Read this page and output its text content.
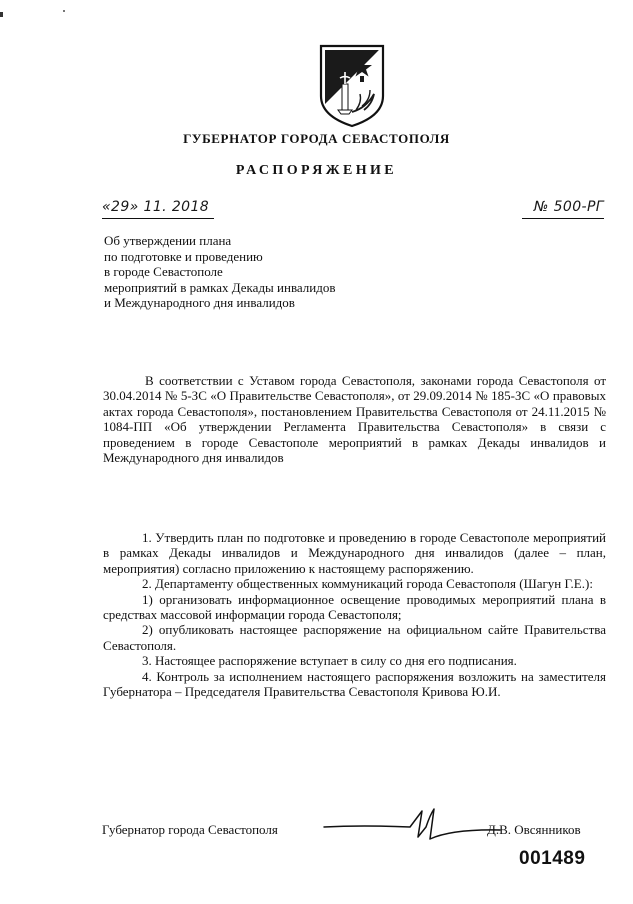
ГУБЕРНАТОР ГОРОДА СЕВАСТОПОЛЯ
РАСПОРЯЖЕНИЕ
«29» 11. 2018	№ 500-РГ
Об утверждении плана
по подготовке и проведению
в городе Севастополе
мероприятий в рамках Декады инвалидов
и Международного дня инвалидов
В соответствии с Уставом города Севастополя, законами города Севастополя от 30.04.2014 № 5-ЗС «О Правительстве Севастополя», от 29.09.2014 № 185-ЗС «О правовых актах города Севастополя», постановлением Правительства Севастополя от 24.11.2015 № 1084-ПП «Об утверждении Регламента Правительства Севастополя» в связи с проведением в городе Севастополе мероприятий в рамках Декады инвалидов и Международного дня инвалидов

1. Утвердить план по подготовке и проведению в городе Севастополе мероприятий в рамках Декады инвалидов и Международного дня инвалидов (далее – план, мероприятия) согласно приложению к настоящему распоряжению.

2. Департаменту общественных коммуникаций города Севастополя (Шагун Г.Е.):

1) организовать информационное освещение проводимых мероприятий плана в средствах массовой информации города Севастополя;

2) опубликовать настоящее распоряжение на официальном сайте Правительства Севастополя.

3. Настоящее распоряжение вступает в силу со дня его подписания.

4. Контроль за исполнением настоящего распоряжения возложить на заместителя Губернатора – Председателя Правительства Севастополя Кривова Ю.И.

Губернатор города Севастополя	Д.В. Овсянников
001489
